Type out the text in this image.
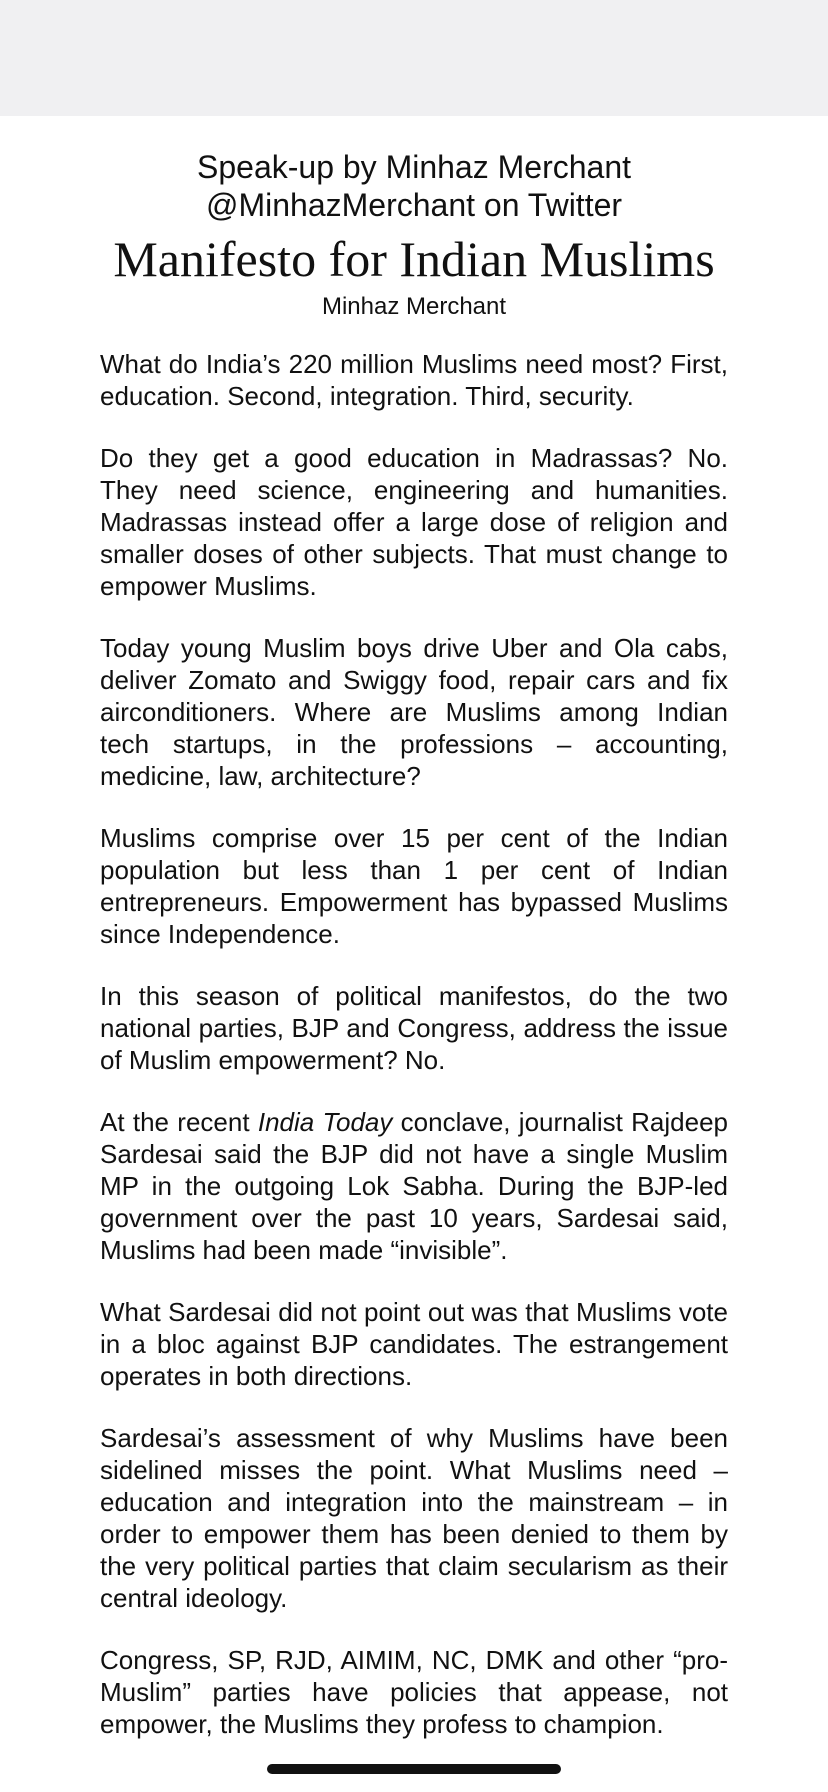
Speak-up by Minhaz Merchant
@MinhazMerchant on Twitter
Manifesto for Indian Muslims
Minhaz Merchant

What do India’s 220 million Muslims need most? First, education. Second, integration. Third, security.

Do they get a good education in Madrassas? No. They need science, engineering and humanities. Madrassas instead offer a large dose of religion and smaller doses of other subjects. That must change to empower Muslims.

Today young Muslim boys drive Uber and Ola cabs, deliver Zomato and Swiggy food, repair cars and fix airconditioners. Where are Muslims among Indian tech startups, in the professions – accounting, medicine, law, architecture?

Muslims comprise over 15 per cent of the Indian population but less than 1 per cent of Indian entrepreneurs. Empowerment has bypassed Muslims since Independence.

In this season of political manifestos, do the two national parties, BJP and Congress, address the issue of Muslim empowerment? No.

At the recent India Today conclave, journalist Rajdeep Sardesai said the BJP did not have a single Muslim MP in the outgoing Lok Sabha. During the BJP-led government over the past 10 years, Sardesai said, Muslims had been made “invisible”.

What Sardesai did not point out was that Muslims vote in a bloc against BJP candidates. The estrangement operates in both directions.

Sardesai’s assessment of why Muslims have been sidelined misses the point. What Muslims need – education and integration into the mainstream – in order to empower them has been denied to them by the very political parties that claim secularism as their central ideology.

Congress, SP, RJD, AIMIM, NC, DMK and other “pro-Muslim” parties have policies that appease, not empower, the Muslims they profess to champion.
